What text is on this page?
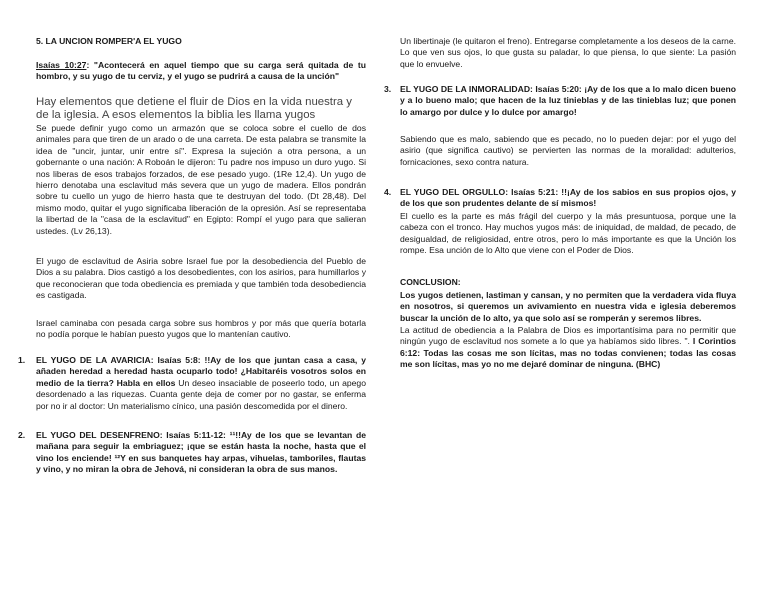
5. LA UNCION ROMPER'A EL YUGO

Isaías 10:27: "Acontecerá en aquel tiempo que su carga será quitada de tu hombro, y su yugo de tu cerviz, y el yugo se pudrirá a causa de la unción"

Hay elementos que detiene el fluir de Dios en la vida nuestra y de la iglesia. A esos elementos la biblia les llama yugos

Se puede definir yugo como un armazón que se coloca sobre el cuello de dos animales para que tiren de un arado o de una carreta. De esta palabra se transmite la idea de "uncir, juntar, unir entre sí". Expresa la sujeción a otra persona, a un gobernante o una nación: A Roboán le dijeron: Tu padre nos impuso un duro yugo. Si nos liberas de esos trabajos forzados, de ese pesado yugo. (1Re 12,4). Un yugo de hierro denotaba una esclavitud más severa que un yugo de madera. Ellos pondrán sobre tu cuello un yugo de hierro hasta que te destruyan del todo. (Dt 28,48). Del mismo modo, quitar el yugo significaba liberación de la opresión. Así se representaba la libertad de la "casa de la esclavitud" en Egipto: Rompí el yugo para que salieran ustedes. (Lv 26,13).

El yugo de esclavitud de Asiria sobre Israel fue por la desobediencia del Pueblo de Dios a su palabra. Dios castigó a los desobedientes, con los asirios, para humillarlos y que reconocieran que toda obediencia es premiada y que también toda desobediencia es castigada.

Israel caminaba con pesada carga sobre sus hombros y por más que quería botarla no podía porque le habían puesto yugos que lo mantenían cautivo.

1. EL YUGO DE LA AVARICIA: Isaías 5:8: !!Ay de los que juntan casa a casa, y añaden heredad a heredad hasta ocuparlo todo! ¿Habitaréis vosotros solos en medio de la tierra? Habla en ellos Un deseo insaciable de poseerlo todo, un apego desordenado a las riquezas. Cuanta gente deja de comer por no gastar, se enferma por no ir al doctor: Un materialismo cínico, una pasión descomedida por el dinero.

2. EL YUGO DEL DESENFRENO: Isaías 5:11-12: ¹¹!!Ay de los que se levantan de mañana para seguir la embriaguez; ¡que se están hasta la noche, hasta que el vino los enciende! ¹²Y en sus banquetes hay arpas, vihuelas, tamboriles, flautas y vino, y no miran la obra de Jehová, ni consideran la obra de sus manos.

Un libertinaje (le quitaron el freno). Entregarse completamente a los deseos de la carne. Lo que ven sus ojos, lo que gusta su paladar, lo que piensa, lo que siente: La pasión que lo envuelve.

3. EL YUGO DE LA INMORALIDAD: Isaías 5:20: ¡Ay de los que a lo malo dicen bueno y a lo bueno malo; que hacen de la luz tinieblas y de las tinieblas luz; que ponen lo amargo por dulce y lo dulce por amargo!

Sabiendo que es malo, sabiendo que es pecado, no lo pueden dejar: por el yugo del asirio (que significa cautivo) se pervierten las normas de la moralidad: adulterios, fornicaciones, sexo contra natura.

4. EL YUGO DEL ORGULLO: Isaías 5:21: !!¡Ay de los sabios en sus propios ojos, y de los que son prudentes delante de sí mismos!

El cuello es la parte es más frágil del cuerpo y la más presuntuosa, porque une la cabeza con el tronco. Hay muchos yugos más: de iniquidad, de maldad, de pecado, de desigualdad, de religiosidad, entre otros, pero lo más importante es que la Unción los rompe. Esa unción de lo Alto que viene con el Poder de Dios.

CONCLUSION:

Los yugos detienen, lastiman y cansan, y no permiten que la verdadera vida fluya en nosotros, si queremos un avivamiento en nuestra vida e iglesia deberemos buscar la unción de lo alto, ya que solo así se romperán y seremos libres.

La actitud de obediencia a la Palabra de Dios es importantísima para no permitir que ningún yugo de esclavitud nos somete a lo que ya habíamos sido libres. ". I Corintios 6:12: Todas las cosas me son lícitas, mas no todas convienen; todas las cosas me son lícitas, mas yo no me dejaré dominar de ninguna. (BHC)
